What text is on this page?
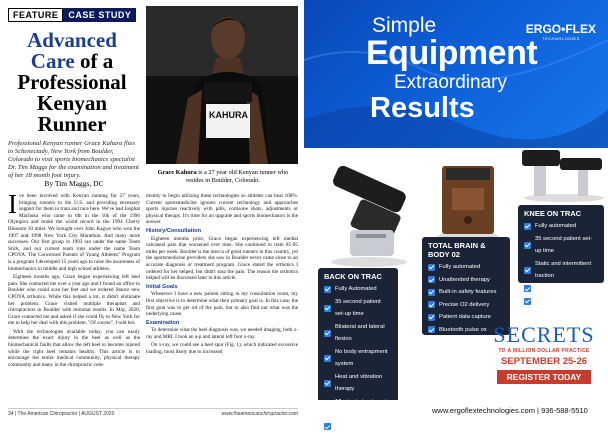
FEATURE	CASE STUDY
Advanced
Care of a
Professional
Kenyan
Runner
Professional Kenyan runner Grace Kahura flies to Schenectady, New York from Boulder, Colorado to visit sports biomechanics specialist Dr. Tim Maggs for the examination and treatment of her 18 month foot injury.
By Tim Maggs, DC
KAHURA
Grace Kahura is a 27 year old Kenyan runner who resides in Boulder, Colorado.

Ive been involved with Kenyan running for 27 years, bringing runners to the U.S. and providing necessary support for them to train and race here. We've had Josphat Machuka who came in 6th in the 10k of the 1996 Olympics and broke the world record in the 1994 Cherry Blossom 10 miler. We brought over John Kagwe who won the 1997 and 1998 New York City Marathon. And many more successes. Our first group in 1993 ran under the name Team Stick, and our current team runs under the name Team CPOYA. The Concerned Parents of Young Athletes" Program is a program I developed 15 years ago to raise the awareness of biomechanics in middle and high school athletes.

Eighteen months ago, Grace began experiencing left heel pain. She contacted me over a year ago and I found an office in Boulder who could scan her feet and we ordered Stance new CPOYA orthotics. While this helped a lot, it didn't eliminate her problem. Grace visited multiple therapists and chiropractors in Boulder with minimal results. In May, 2020, Grace contacted me and asked if she could fly to New York for me to help her deal with this problem. "Of course", I told her.

With the technologies available today, you can easily determine the exact injury in the heel as well as the biomechanical faults that allow the left heel to become injured while the right heel remains healthy. This article is to encourage the entire medical community, physical therapy community and many in the chiropractic com-

munity to begin utilizing these technologies so athletes can heal 100%. Current sportsmedicine ignores current technology and approaches sports injuries reactively with pills, cortisone shots, adjustments or physical therapy. It's time for an upgrade and sports biomechanics is the answer.

History/Consultation

Eighteen months prior, Grace began experiencing left medial calcaneal pain that worsened over time. She continued to train 85-95 miles per week. Boulder is the mecca of great runners in this country, yet the sportsmedicine providers she saw in Boulder never came close to an accurate diagnosis or treatment program. Grace stated the orthotics I ordered for her helped, but didn't stop the pain. The reason the orthotics helped will be discussed later in this article.

Initial Goals

Whenever I have a new patient sitting in my consultation room, my first objective is to determine what their primary goal is. In this case, the first goal was to get rid of the pain, but to also find out what was the underlying cause.

Examination

To determine what the heel diagnosis was, we needed imaging, both x-ray and MRI. I took an a-p and lateral left foot x-ray.

On x-ray, we could see a heel spur (Fig. 1), which indicated excessive loading, most likely due to increased

34 | The American Chiropractor | AUGUST 2020	www.theamericanchiropractor.com
Simple
Equipment
Extraordinary
Results
ERGO•FLEX
TECHNOLOGIES
BACK ON TRAC
Fully Automated
35 second patient set-up time
Bilateral and lateral flexion
No body entrapment system
Heat and vibration therapy
Small footprint
TOTAL BRAIN & BODY 02
Fully automated
Unattended therapy
Built-in safety features
Precise O2 delivery
Patient data capture
Bluetooth pulse ox
KNEE ON TRAC
Fully automated
35 second patient set-up time
Static and intermittent traction
5 minute treatment time
Small footprint
SECRETS
TO A MILLION DOLLAR PRACTICE
SEPTEMBER 25-26
REGISTER TODAY
www.ergoflextechnologies.com | 936-588-5510
